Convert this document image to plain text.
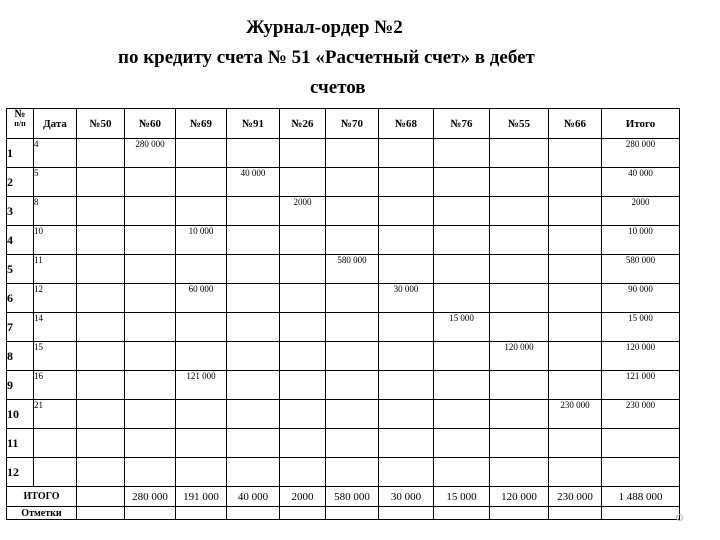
Журнал-ордер №2
по кредиту счета № 51 «Расчетный счет» в дебет
счетов
№
п/п	Дата	№50	№60	№69	№91	№26	№70	№68	№76	№55	№66	Итого
1	4		280 000									280 000
2	5				40 000							40 000
3	8					2000						2000
4	10			10 000								10 000
5	11						580 000					580 000
6	12			60 000				30 000				90 000
7	14								15 000			15 000
8	15									120 000		120 000
9	16			121 000								121 000
10	21										230 000	230 000
11												
12												
ИТОГО			280 000	191 000	40 000	2000	580 000	30 000	15 000	120 000	230 000	1 488 000
Отметки												
